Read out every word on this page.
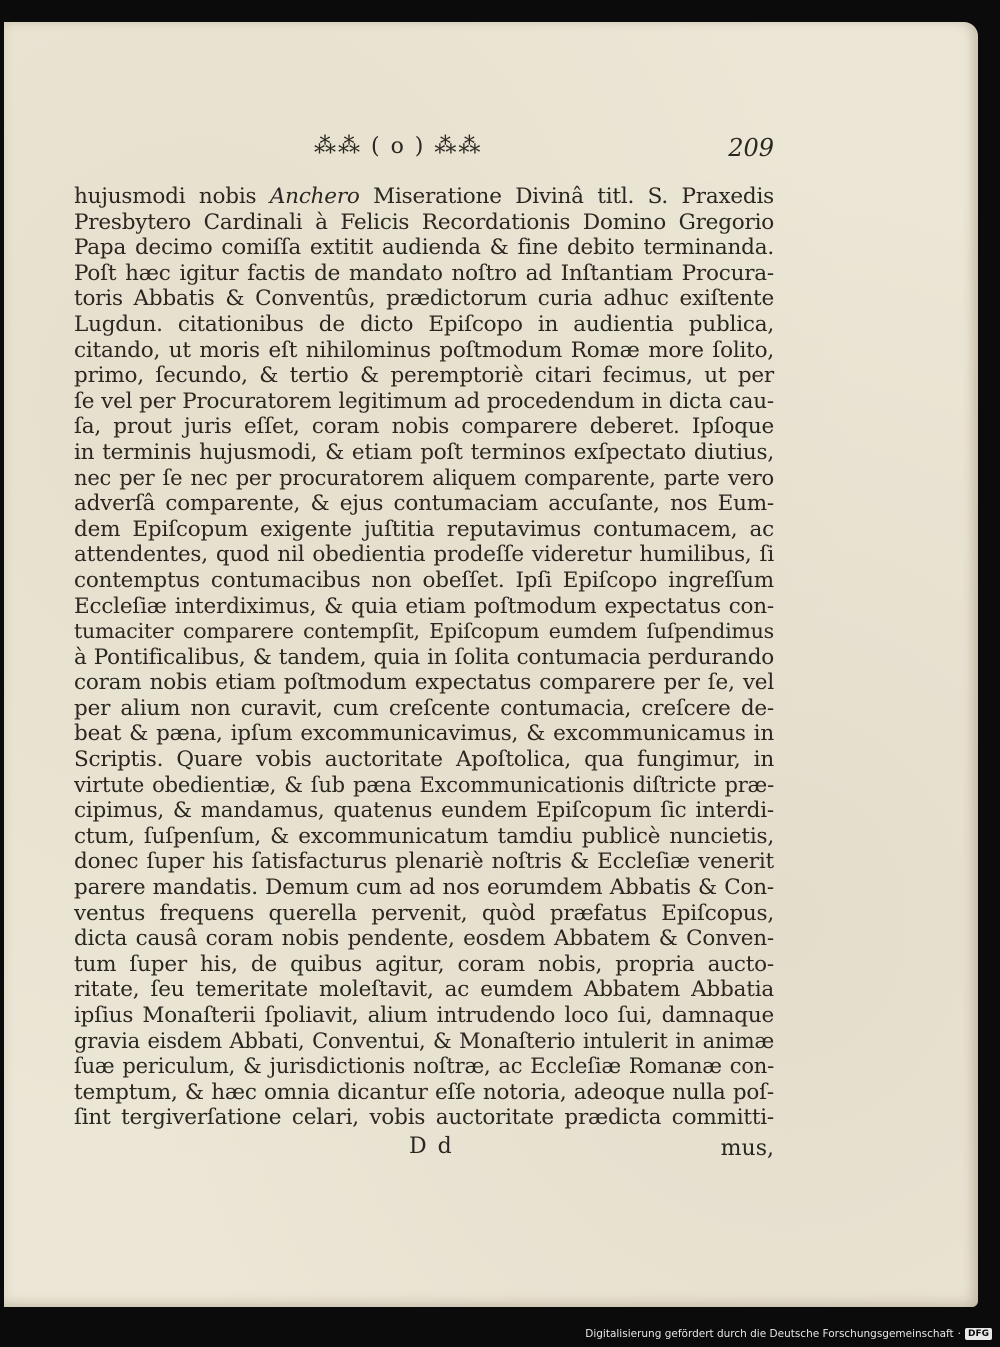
⁂⁂ ( o ) ⁂⁂	209
hujusmodi nobis Anchero Miseratione Divinâ titl. S. Praxedis
Presbytero Cardinali à Felicis Recordationis Domino Gregorio
Papa decimo comiſſa extitit audienda & fine debito terminanda.
Poſt hæc igitur factis de mandato noſtro ad Inſtantiam Procura-
toris Abbatis & Conventûs, prædictorum curia adhuc exiſtente
Lugdun. citationibus de dicto Epiſcopo in audientia publica,
citando, ut moris eſt nihilominus poſtmodum Romæ more ſolito,
primo, ſecundo, & tertio & peremptoriè citari fecimus, ut per
ſe vel per Procuratorem legitimum ad procedendum in dicta cau-
ſa, prout juris eſſet, coram nobis comparere deberet. Ipſoque
in terminis hujusmodi, & etiam poſt terminos exſpectato diutius,
nec per ſe nec per procuratorem aliquem comparente, parte vero
adverſâ comparente, & ejus contumaciam accuſante, nos Eum-
dem Epiſcopum exigente juſtitia reputavimus contumacem, ac
attendentes, quod nil obedientia prodeſſe videretur humilibus, ſi
contemptus contumacibus non obeſſet. Ipſi Epiſcopo ingreſſum
Eccleſiæ interdiximus, & quia etiam poſtmodum expectatus con-
tumaciter comparere contempſit, Epiſcopum eumdem ſuſpendimus
à Pontificalibus, & tandem, quia in ſolita contumacia perdurando
coram nobis etiam poſtmodum expectatus comparere per ſe, vel
per alium non curavit, cum creſcente contumacia, creſcere de-
beat & pæna, ipſum excommunicavimus, & excommunicamus in
Scriptis. Quare vobis auctoritate Apoſtolica, qua fungimur, in
virtute obedientiæ, & ſub pæna Excommunicationis diſtricte præ-
cipimus, & mandamus, quatenus eundem Epiſcopum ſic interdi-
ctum, ſuſpenſum, & excommunicatum tamdiu publicè nuncietis,
donec ſuper his ſatisfacturus plenariè noſtris & Eccleſiæ venerit
parere mandatis. Demum cum ad nos eorumdem Abbatis & Con-
ventus frequens querella pervenit, quòd præfatus Epiſcopus,
dicta causâ coram nobis pendente, eosdem Abbatem & Conven-
tum ſuper his, de quibus agitur, coram nobis, propria aucto-
ritate, ſeu temeritate moleſtavit, ac eumdem Abbatem Abbatia
ipſius Monaſterii ſpoliavit, alium intrudendo loco ſui, damnaque
gravia eisdem Abbati, Conventui, & Monaſterio intulerit in animæ
ſuæ periculum, & jurisdictionis noſtræ, ac Eccleſiæ Romanæ con-
temptum, & hæc omnia dicantur eſſe notoria, adeoque nulla poſ-
ſint tergiverſatione celari, vobis auctoritate prædicta committi-
D d	mus,
Digitalisierung gefördert durch die Deutsche Forschungsgemeinschaft · DFG
